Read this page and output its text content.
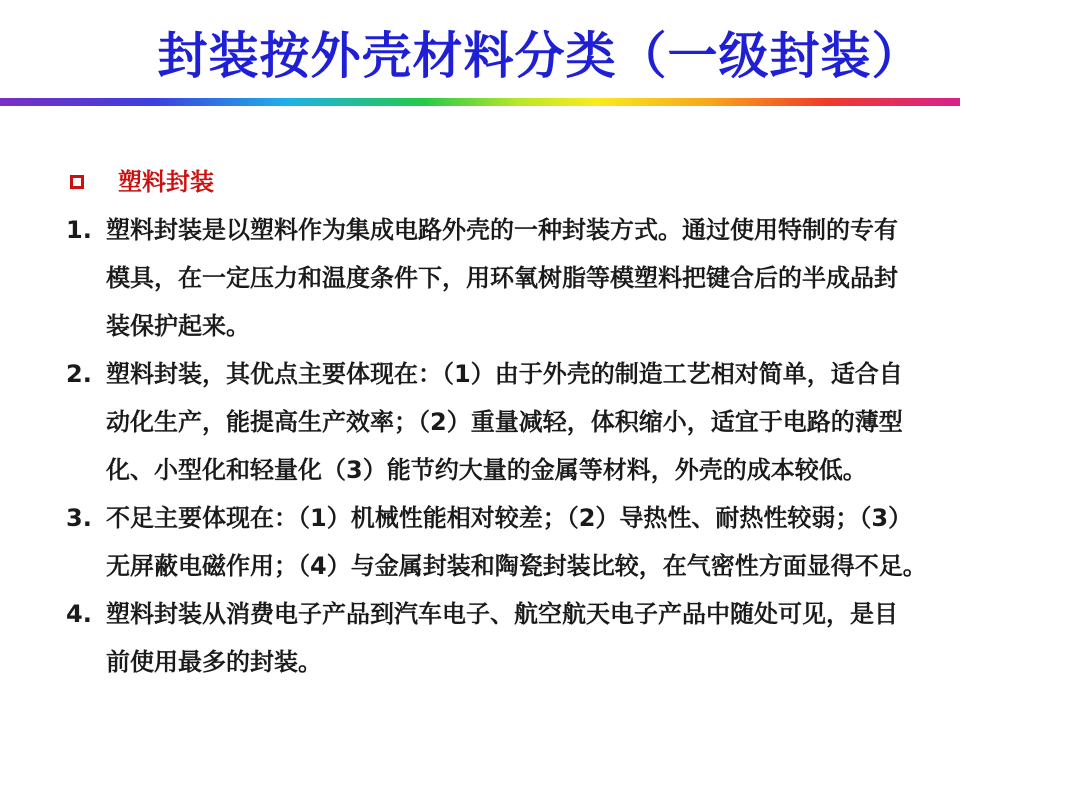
封装按外壳材料分类（一级封装）
塑料封装
1. 塑料封装是以塑料作为集成电路外壳的一种封装方式。通过使用特制的专有
模具，在一定压力和温度条件下，用环氧树脂等模塑料把键合后的半成品封
装保护起来。
2. 塑料封装，其优点主要体现在：（1）由于外壳的制造工艺相对简单，适合自
动化生产，能提高生产效率；（2）重量减轻，体积缩小，适宜于电路的薄型
化、小型化和轻量化（3）能节约大量的金属等材料，外壳的成本较低。
3. 不足主要体现在：（1）机械性能相对较差；（2）导热性、耐热性较弱；（3）
无屏蔽电磁作用；（4）与金属封装和陶瓷封装比较，在气密性方面显得不足。
4. 塑料封装从消费电子产品到汽车电子、航空航天电子产品中随处可见，是目
前使用最多的封装。
